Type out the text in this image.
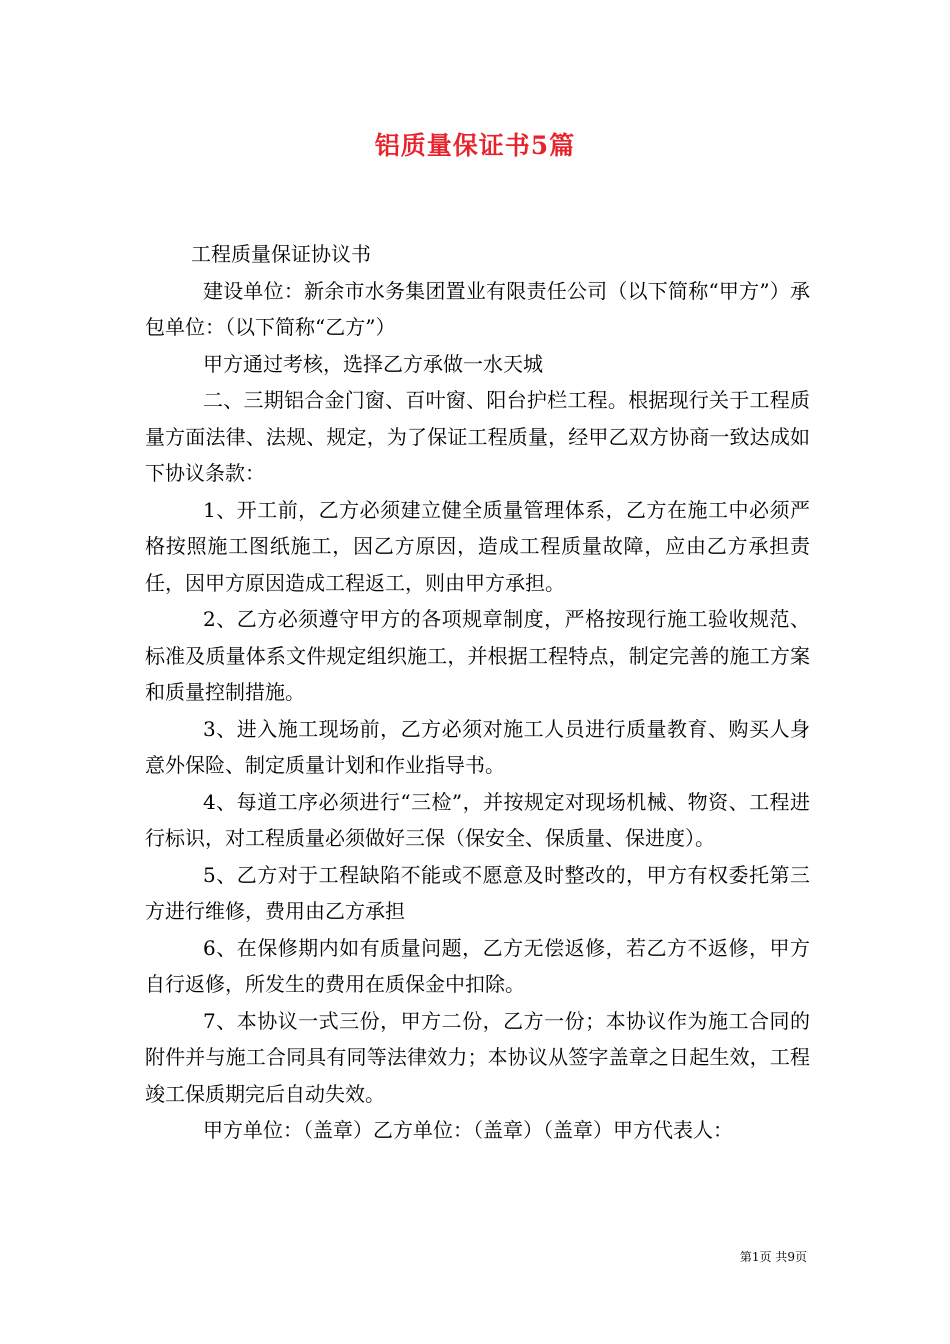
铝质量保证书5篇

工程质量保证协议书

建设单位：新余市水务集团置业有限责任公司（以下简称“甲方”）承包单位：（以下简称“乙方”）

甲方通过考核，选择乙方承做一水天城

二、三期铝合金门窗、百叶窗、阳台护栏工程。根据现行关于工程质量方面法律、法规、规定，为了保证工程质量，经甲乙双方协商一致达成如下协议条款：

1、开工前，乙方必须建立健全质量管理体系，乙方在施工中必须严格按照施工图纸施工，因乙方原因，造成工程质量故障，应由乙方承担责任，因甲方原因造成工程返工，则由甲方承担。

2、乙方必须遵守甲方的各项规章制度，严格按现行施工验收规范、标准及质量体系文件规定组织施工，并根据工程特点，制定完善的施工方案和质量控制措施。

3、进入施工现场前，乙方必须对施工人员进行质量教育、购买人身意外保险、制定质量计划和作业指导书。

4、每道工序必须进行“三检”，并按规定对现场机械、物资、工程进行标识，对工程质量必须做好三保（保安全、保质量、保进度）。

5、乙方对于工程缺陷不能或不愿意及时整改的，甲方有权委托第三方进行维修，费用由乙方承担

6、在保修期内如有质量问题，乙方无偿返修，若乙方不返修，甲方自行返修，所发生的费用在质保金中扣除。

7、本协议一式三份，甲方二份，乙方一份；本协议作为施工合同的附件并与施工合同具有同等法律效力；本协议从签字盖章之日起生效，工程竣工保质期完后自动失效。

甲方单位：（盖章）乙方单位：（盖章）（盖章）甲方代表人：

第1页 共9页
